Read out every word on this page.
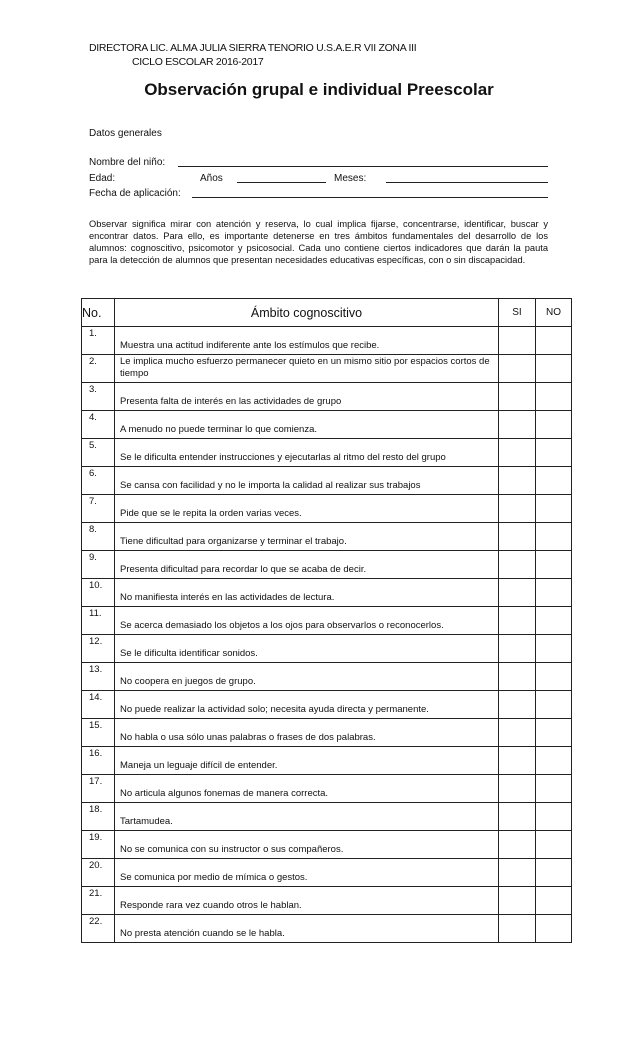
DIRECTORA LIC. ALMA JULIA SIERRA TENORIO U.S.A.E.R VII ZONA III
CICLO ESCOLAR 2016-2017
Observación grupal e individual Preescolar
Datos generales
Nombre del niño:
Edad:	Años	Meses:
Fecha de aplicación:
Observar significa mirar con atención y reserva, lo cual implica fijarse, concentrarse, identificar, buscar y encontrar datos. Para ello, es importante detenerse en tres ámbitos fundamentales del desarrollo de los alumnos: cognoscitivo, psicomotor y psicosocial. Cada uno contiene ciertos indicadores que darán la pauta para la detección de alumnos que presentan necesidades educativas específicas, con o sin discapacidad.
No.	Ámbito cognoscitivo	SI	NO
1.	Muestra una actitud indiferente ante los estímulos que recibe.		

2.	Le implica mucho esfuerzo permanecer quieto en un mismo sitio por espacios cortos de tiempo		

3.	Presenta falta de interés en las actividades de grupo		

4.	A menudo no puede terminar lo que comienza.		

5.	Se le dificulta entender instrucciones y ejecutarlas al ritmo del resto del grupo		

6.	Se cansa con facilidad y no le importa la calidad al realizar sus trabajos		

7.	Pide que se le repita la orden varias veces.		

8.	Tiene dificultad para organizarse y terminar el trabajo.		

9.	Presenta dificultad para recordar lo que se acaba de decir.		

10.	No manifiesta interés en las actividades de lectura.		

11.	Se acerca demasiado los objetos a los ojos para observarlos o reconocerlos.		

12.	Se le dificulta identificar sonidos.		

13.	No coopera en juegos de grupo.		

14.	No puede realizar la actividad solo; necesita ayuda directa y permanente.		

15.	No habla o usa sólo unas palabras o frases de dos palabras.		

16.	Maneja un leguaje difícil de entender.		

17.	No articula algunos fonemas de manera correcta.		

18.	Tartamudea.		

19.	No se comunica con su instructor o sus compañeros.		

20.	Se comunica por medio de mímica o gestos.		

21.	Responde rara vez cuando otros le hablan.		

22.	No presta atención cuando se le habla.		
